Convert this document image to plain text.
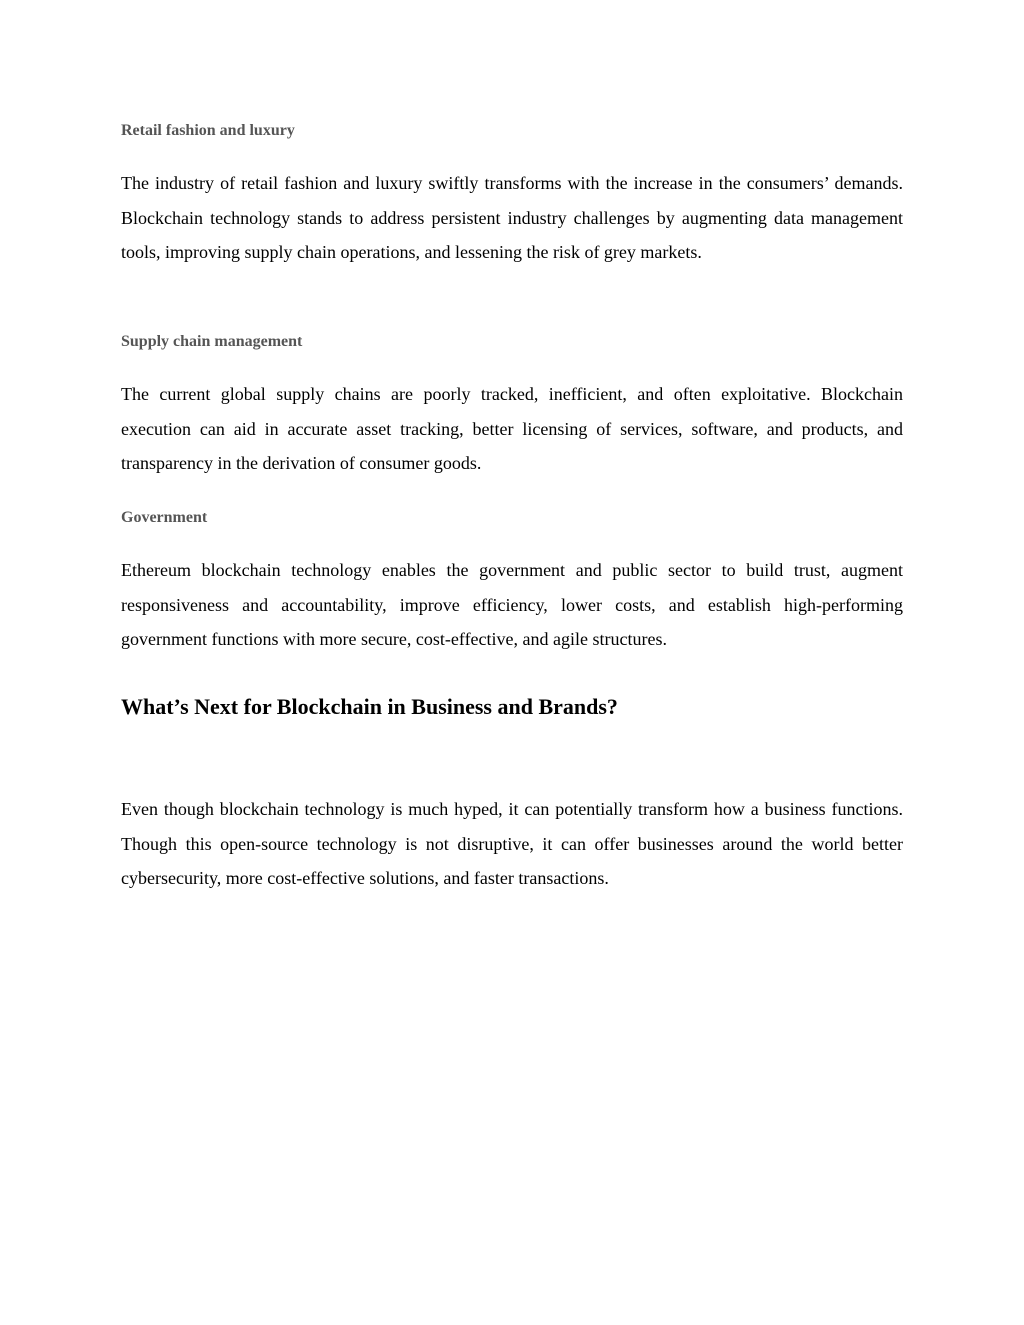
Retail fashion and luxury

The industry of retail fashion and luxury swiftly transforms with the increase in the consumers’ demands. Blockchain technology stands to address persistent industry challenges by augmenting data management tools, improving supply chain operations, and lessening the risk of grey markets.

Supply chain management

The current global supply chains are poorly tracked, inefficient, and often exploitative. Blockchain execution can aid in accurate asset tracking, better licensing of services, software, and products, and transparency in the derivation of consumer goods.

Government

Ethereum blockchain technology enables the government and public sector to build trust, augment responsiveness and accountability, improve efficiency, lower costs, and establish high-performing government functions with more secure, cost-effective, and agile structures.

What’s Next for Blockchain in Business and Brands?

Even though blockchain technology is much hyped, it can potentially transform how a business functions. Though this open-source technology is not disruptive, it can offer businesses around the world better cybersecurity, more cost-effective solutions, and faster transactions.
